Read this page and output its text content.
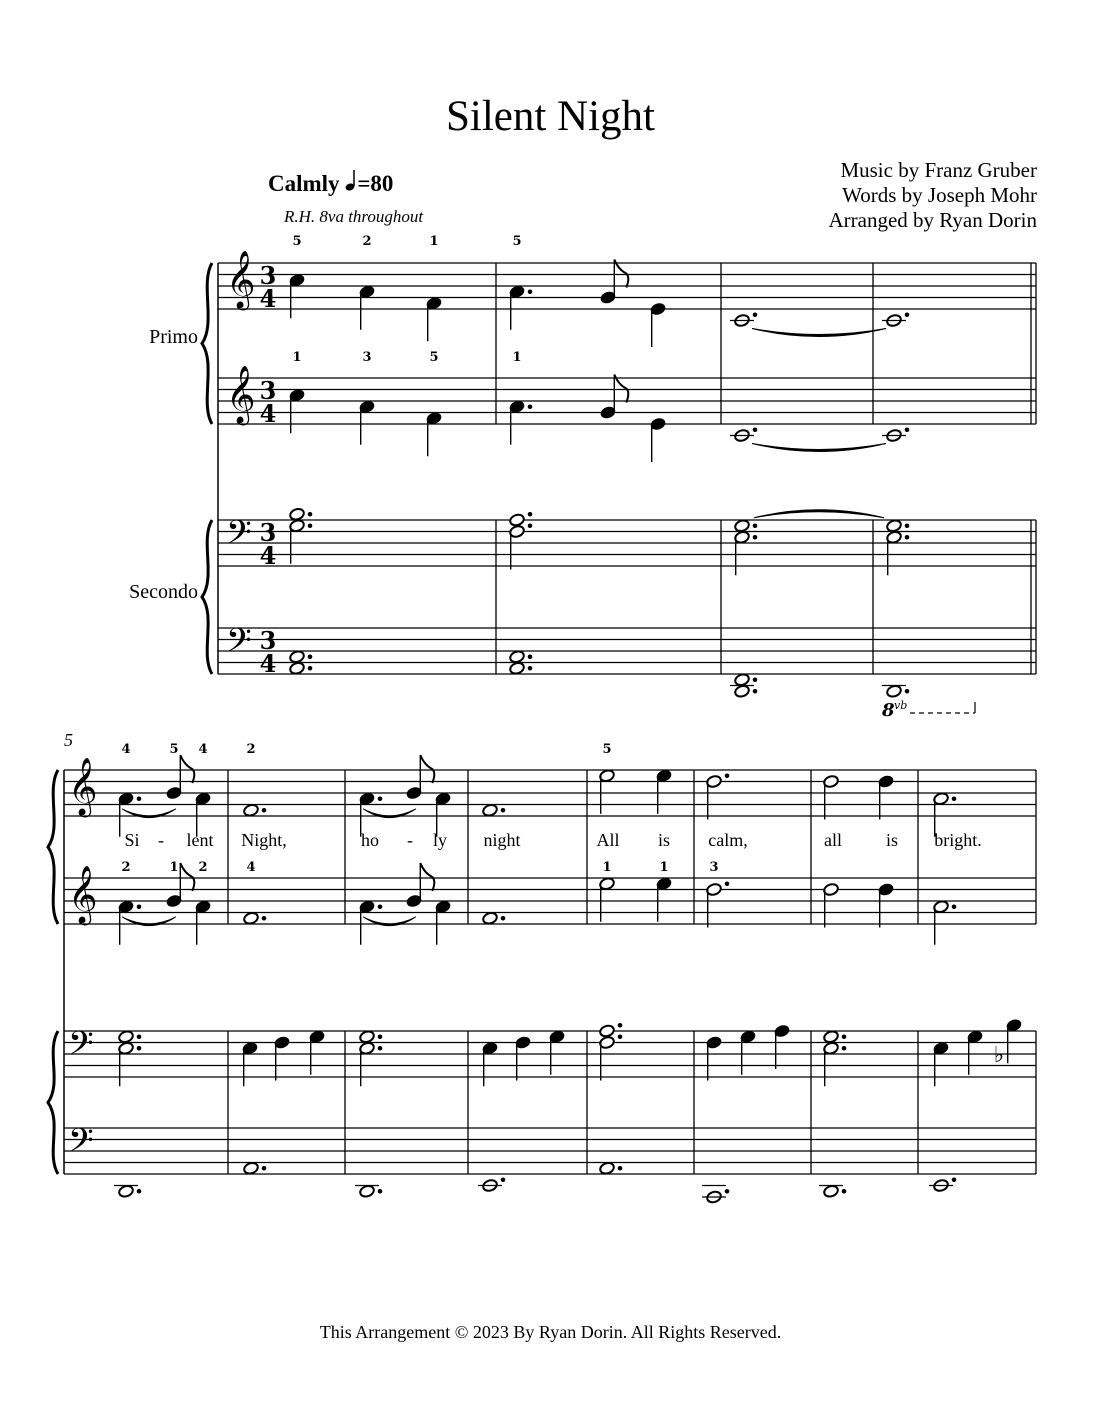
Silent Night
Music by Franz Gruber
Words by Joseph Mohr
Arranged by Ryan Dorin
Calmly =80
R.H. 8va throughout
Primo
Secondo
𝄞 3
4
𝄞 3
4
𝄢 3
4
𝄢 3
4
5	2	1	5
1	3	5	1
8 vb
5
𝄞
𝄞
𝄢
𝄢
4	5 4	2	5
2	1 2	4	1	1	3
Si - lent Night,	ho - ly night	All is calm,	all is bright.
♭
This Arrangement © 2023 By Ryan Dorin. All Rights Reserved.
